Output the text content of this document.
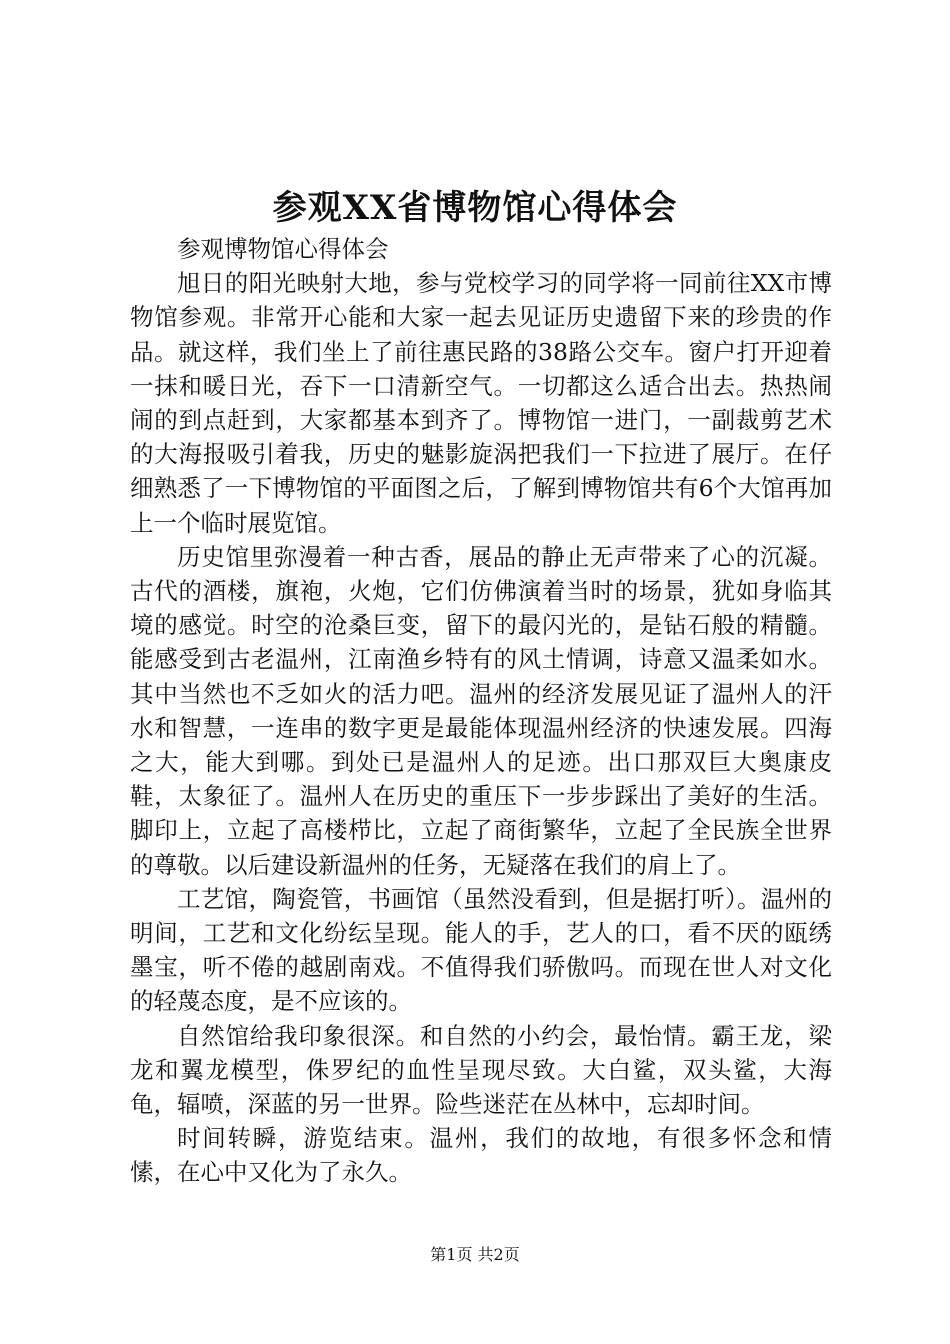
参观XX省博物馆心得体会

参观博物馆心得体会

旭日的阳光映射大地，参与党校学习的同学将一同前往XX市博物馆参观。非常开心能和大家一起去见证历史遗留下来的珍贵的作品。就这样，我们坐上了前往惠民路的38路公交车。窗户打开迎着一抹和暖日光，吞下一口清新空气。一切都这么适合出去。热热闹闹的到点赶到，大家都基本到齐了。博物馆一进门，一副裁剪艺术的大海报吸引着我，历史的魅影旋涡把我们一下拉进了展厅。在仔细熟悉了一下博物馆的平面图之后，了解到博物馆共有6个大馆再加上一个临时展览馆。

历史馆里弥漫着一种古香，展品的静止无声带来了心的沉凝。古代的酒楼，旗袍，火炮，它们仿佛演着当时的场景，犹如身临其境的感觉。时空的沧桑巨变，留下的最闪光的，是钻石般的精髓。能感受到古老温州，江南渔乡特有的风土情调，诗意又温柔如水。其中当然也不乏如火的活力吧。温州的经济发展见证了温州人的汗水和智慧，一连串的数字更是最能体现温州经济的快速发展。四海之大，能大到哪。到处已是温州人的足迹。出口那双巨大奥康皮鞋，太象征了。温州人在历史的重压下一步步踩出了美好的生活。脚印上，立起了高楼栉比，立起了商街繁华，立起了全民族全世界的尊敬。以后建设新温州的任务，无疑落在我们的肩上了。

工艺馆，陶瓷管，书画馆（虽然没看到，但是据打听）。温州的明间，工艺和文化纷纭呈现。能人的手，艺人的口，看不厌的瓯绣墨宝，听不倦的越剧南戏。不值得我们骄傲吗。而现在世人对文化的轻蔑态度，是不应该的。

自然馆给我印象很深。和自然的小约会，最怡情。霸王龙，梁龙和翼龙模型，侏罗纪的血性呈现尽致。大白鲨，双头鲨，大海龟，辐喷，深蓝的另一世界。险些迷茫在丛林中，忘却时间。

时间转瞬，游览结束。温州，我们的故地，有很多怀念和情愫，在心中又化为了永久。

第1页 共2页
